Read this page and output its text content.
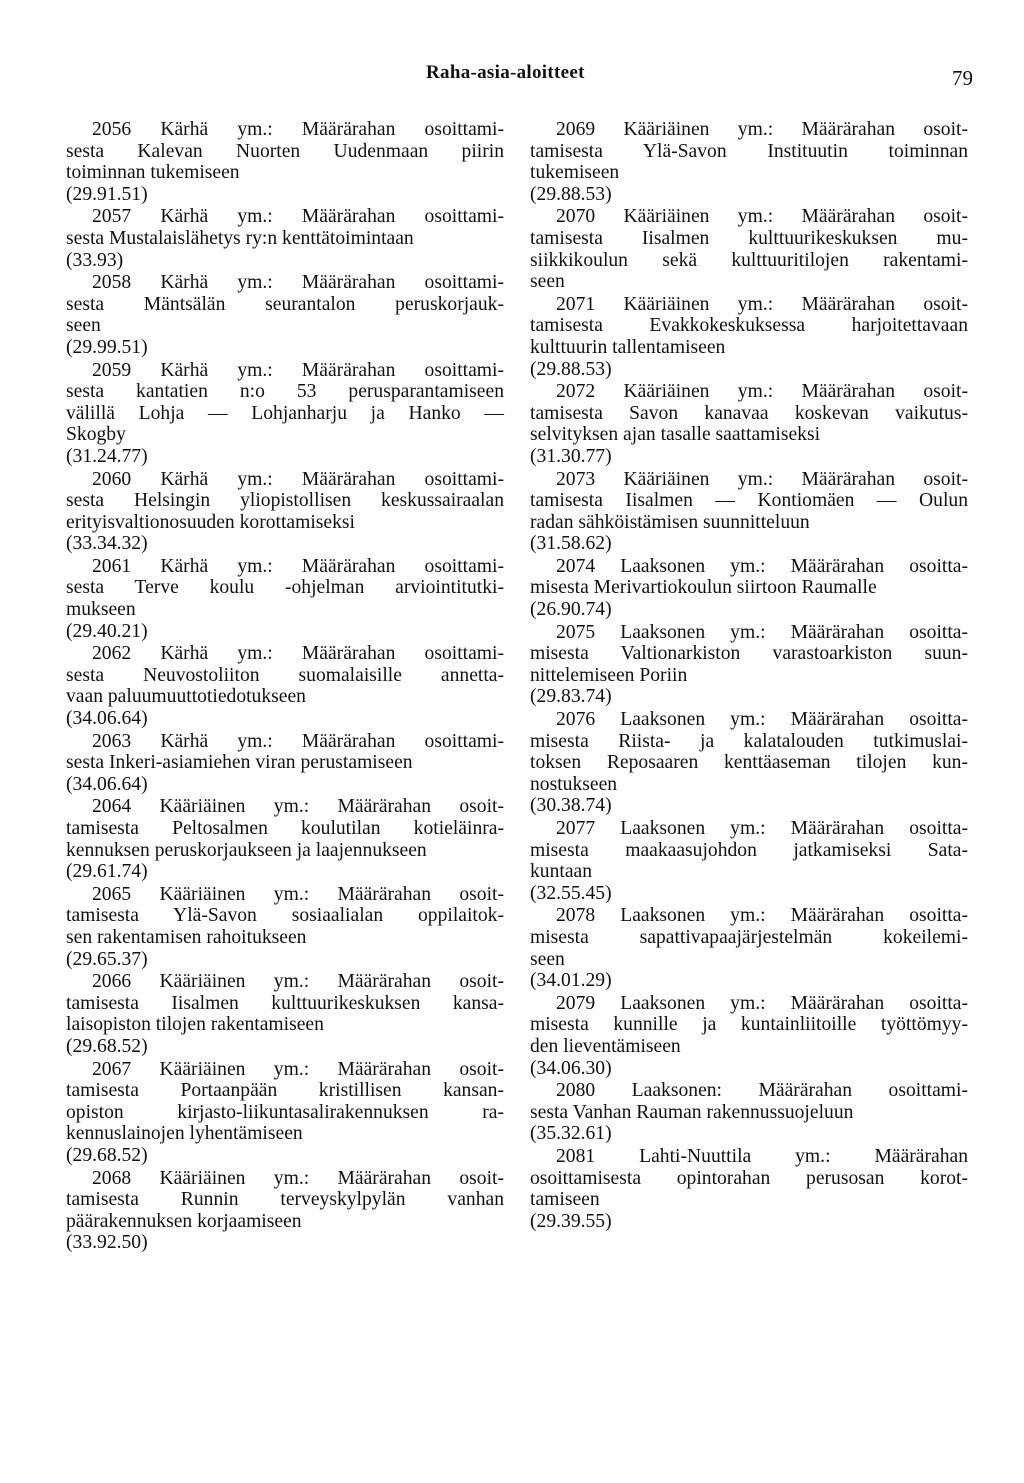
Raha-asia-aloitteet	79
2056 Kärhä ym.: Määrärahan osoittami-
sesta Kalevan Nuorten Uudenmaan piirin
toiminnan tukemiseen
(29.91.51)
2057 Kärhä ym.: Määrärahan osoittami-
sesta Mustalaislähetys ry:n kenttätoimintaan
(33.93)
2058 Kärhä ym.: Määrärahan osoittami-
sesta Mäntsälän seurantalon peruskorjauk-
seen
(29.99.51)
2059 Kärhä ym.: Määrärahan osoittami-
sesta kantatien n:o 53 perusparantamiseen
välillä Lohja — Lohjanharju ja Hanko —
Skogby
(31.24.77)
2060 Kärhä ym.: Määrärahan osoittami-
sesta Helsingin yliopistollisen keskussairaalan
erityisvaltionosuuden korottamiseksi
(33.34.32)
2061 Kärhä ym.: Määrärahan osoittami-
sesta Terve koulu -ohjelman arviointitutki-
mukseen
(29.40.21)
2062 Kärhä ym.: Määrärahan osoittami-
sesta Neuvostoliiton suomalaisille annetta-
vaan paluumuuttotiedotukseen
(34.06.64)
2063 Kärhä ym.: Määrärahan osoittami-
sesta Inkeri-asiamiehen viran perustamiseen
(34.06.64)
2064 Kääriäinen ym.: Määrärahan osoit-
tamisesta Peltosalmen koulutilan kotieläinra-
kennuksen peruskorjaukseen ja laajennukseen
(29.61.74)
2065 Kääriäinen ym.: Määrärahan osoit-
tamisesta Ylä-Savon sosiaalialan oppilaitok-
sen rakentamisen rahoitukseen
(29.65.37)
2066 Kääriäinen ym.: Määrärahan osoit-
tamisesta Iisalmen kulttuurikeskuksen kansa-
laisopiston tilojen rakentamiseen
(29.68.52)
2067 Kääriäinen ym.: Määrärahan osoit-
tamisesta Portaanpään kristillisen kansan-
opiston kirjasto-liikuntasalirakennuksen ra-
kennuslainojen lyhentämiseen
(29.68.52)
2068 Kääriäinen ym.: Määrärahan osoit-
tamisesta Runnin terveyskylpylän vanhan
päärakennuksen korjaamiseen
(33.92.50)
2069 Kääriäinen ym.: Määrärahan osoit-
tamisesta Ylä-Savon Instituutin toiminnan
tukemiseen
(29.88.53)
2070 Kääriäinen ym.: Määrärahan osoit-
tamisesta Iisalmen kulttuurikeskuksen mu-
siikkikoulun sekä kulttuuritilojen rakentami-
seen
2071 Kääriäinen ym.: Määrärahan osoit-
tamisesta Evakkokeskuksessa harjoitettavaan
kulttuurin tallentamiseen
(29.88.53)
2072 Kääriäinen ym.: Määrärahan osoit-
tamisesta Savon kanavaa koskevan vaikutus-
selvityksen ajan tasalle saattamiseksi
(31.30.77)
2073 Kääriäinen ym.: Määrärahan osoit-
tamisesta Iisalmen — Kontiomäen — Oulun
radan sähköistämisen suunnitteluun
(31.58.62)
2074 Laaksonen ym.: Määrärahan osoitta-
misesta Merivartiokoulun siirtoon Raumalle
(26.90.74)
2075 Laaksonen ym.: Määrärahan osoitta-
misesta Valtionarkiston varastoarkiston suun-
nittelemiseen Poriin
(29.83.74)
2076 Laaksonen ym.: Määrärahan osoitta-
misesta Riista- ja kalatalouden tutkimuslai-
toksen Reposaaren kenttäaseman tilojen kun-
nostukseen
(30.38.74)
2077 Laaksonen ym.: Määrärahan osoitta-
misesta maakaasujohdon jatkamiseksi Sata-
kuntaan
(32.55.45)
2078 Laaksonen ym.: Määrärahan osoitta-
misesta sapattivapaajärjestelmän kokeilemi-
seen
(34.01.29)
2079 Laaksonen ym.: Määrärahan osoitta-
misesta kunnille ja kuntainliitoille työttömyy-
den lieventämiseen
(34.06.30)
2080 Laaksonen: Määrärahan osoittami-
sesta Vanhan Rauman rakennussuojeluun
(35.32.61)
2081 Lahti-Nuuttila ym.: Määrärahan
osoittamisesta opintorahan perusosan korot-
tamiseen
(29.39.55)
